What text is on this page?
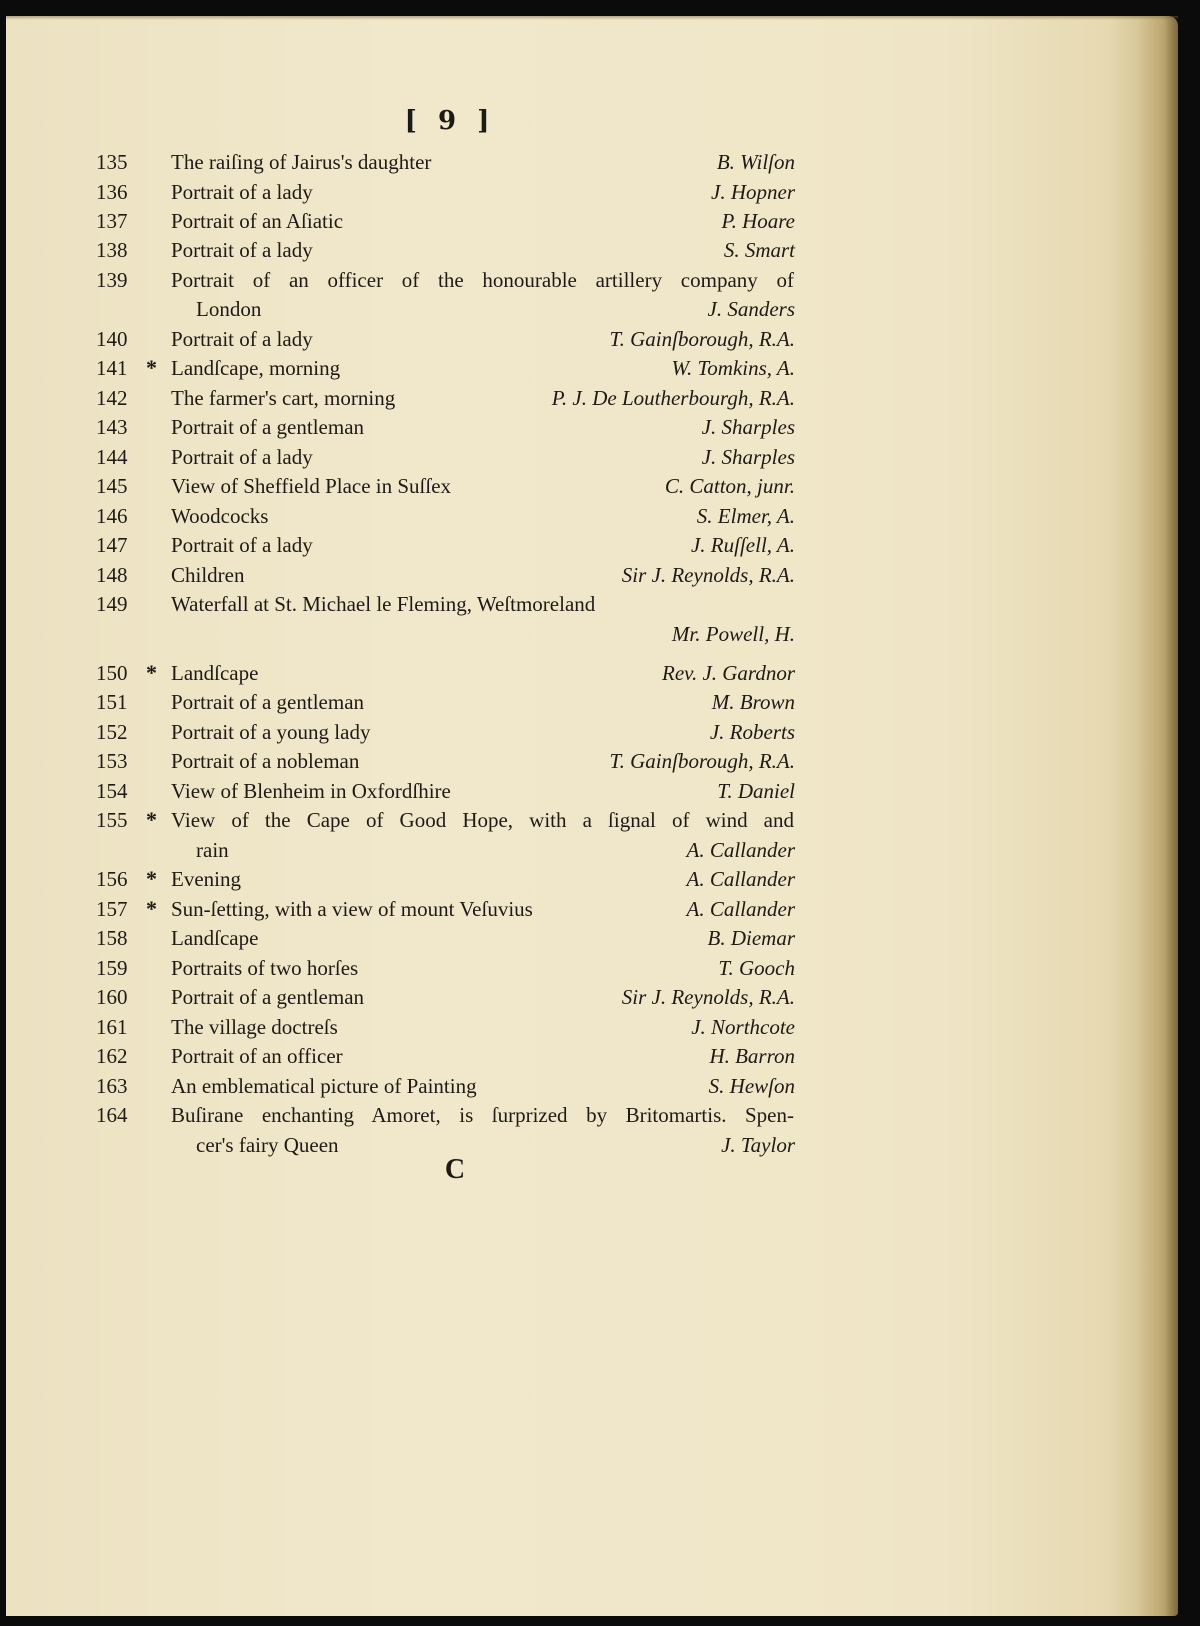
[ 9 ]
135	The raiſing of Jairus's daughter	B. Wilſon
136	Portrait of a lady	J. Hopner
137	Portrait of an Aſiatic	P. Hoare
138	Portrait of a lady	S. Smart
139	Portrait of an officer of the honourable artillery company of
London	J. Sanders
140	Portrait of a lady	T. Gainſborough, R.A.
141 * Landſcape, morning	W. Tomkins, A.
142	The farmer's cart, morning	P. J. De Loutherbourgh, R.A.
143	Portrait of a gentleman	J. Sharples
144	Portrait of a lady	J. Sharples
145	View of Sheffield Place in Suſſex	C. Catton, junr.
146	Woodcocks	S. Elmer, A.
147	Portrait of a lady	J. Ruſſell, A.
148	Children	Sir J. Reynolds, R.A.
149	Waterfall at St. Michael le Fleming, Weſtmoreland
Mr. Powell, H.
150 * Landſcape	Rev. J. Gardnor
151	Portrait of a gentleman	M. Brown
152	Portrait of a young lady	J. Roberts
153	Portrait of a nobleman	T. Gainſborough, R.A.
154	View of Blenheim in Oxfordſhire	T. Daniel
155 * View of the Cape of Good Hope, with a ſignal of wind and
rain	A. Callander
156 * Evening	A. Callander
157 * Sun-ſetting, with a view of mount Veſuvius	A. Callander
158	Landſcape	B. Diemar
159	Portraits of two horſes	T. Gooch
160	Portrait of a gentleman	Sir J. Reynolds, R.A.
161	The village doctreſs	J. Northcote
162	Portrait of an officer	H. Barron
163	An emblematical picture of Painting	S. Hewſon
164	Buſirane enchanting Amoret, is ſurprized by Britomartis. Spen-
cer's fairy Queen	J. Taylor
C
